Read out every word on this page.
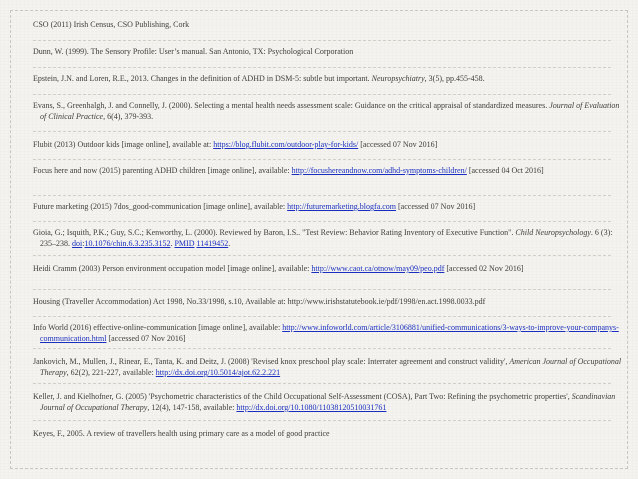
CSO (2011) Irish Census, CSO Publishing, Cork
Dunn, W. (1999). The Sensory Profile: User’s manual. San Antonio, TX: Psychological Corporation
Epstein, J.N. and Loren, R.E., 2013. Changes in the definition of ADHD in DSM-5: subtle but important. Neuropsychiatry, 3(5), pp.455-458.
Evans, S., Greenhalgh, J. and Connelly, J. (2000). Selecting a mental health needs assessment scale: Guidance on the critical appraisal of standardized measures. Journal of Evaluation of Clinical Practice, 6(4), 379-393.
Flubit (2013) Outdoor kids [image online], available at: https://blog.flubit.com/outdoor-play-for-kids/ [accessed 07 Nov 2016]
Focus here and now (2015) parenting ADHD children [image online], available: http://focushereandnow.com/adhd-symptoms-children/ [accessed 04 Oct 2016]
Future marketing (2015) 7dos_good-communication [image online], available: http://futuremarketing.blogfa.com [accessed 07 Nov 2016]
Gioia, G.; Isquith, P.K.; Guy, S.C.; Kenworthy, L. (2000). Reviewed by Baron, I.S.. "Test Review: Behavior Rating Inventory of Executive Function". Child Neuropsychology. 6 (3): 235–238. doi:10.1076/chin.6.3.235.3152. PMID 11419452.
Heidi Cramm (2003) Person environment occupation model [image online], available: http://www.caot.ca/otnow/may09/peo.pdf [accessed 02 Nov 2016]
Housing (Traveller Accommodation) Act 1998, No.33/1998, s.10, Available at: http://www.irishstatutebook.ie/pdf/1998/en.act.1998.0033.pdf
Info World (2016) effective-online-communication [image online], available: http://www.infoworld.com/article/3106881/unified-communications/3-ways-to-improve-your-companys-communication.html [accessed 07 Nov 2016]
Jankovich, M., Mullen, J., Rinear, E., Tanta, K. and Deitz, J. (2008) 'Revised knox preschool play scale: Interrater agreement and construct validity', American Journal of Occupational Therapy, 62(2), 221-227, available: http://dx.doi.org/10.5014/ajot.62.2.221
Keller, J. and Kielhofner, G. (2005) 'Psychometric characteristics of the Child Occupational Self-Assessment (COSA), Part Two: Refining the psychometric properties', Scandinavian Journal of Occupational Therapy, 12(4), 147-158, available: http://dx.doi.org/10.1080/11038120510031761
Keyes, F., 2005. A review of travellers health using primary care as a model of good practice
